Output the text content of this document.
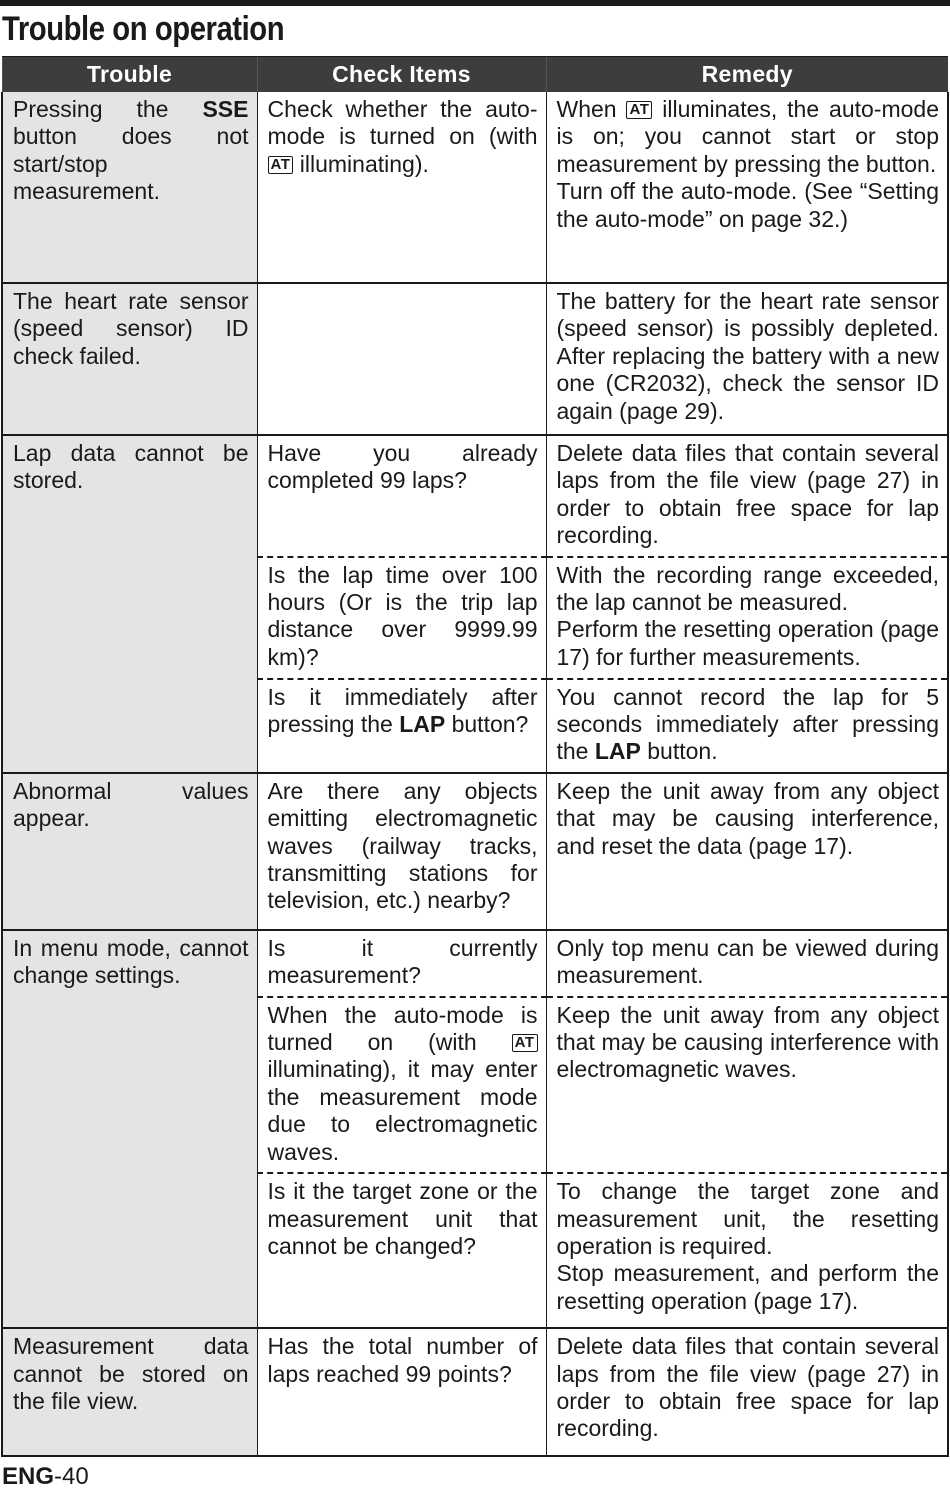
Trouble on operation
Trouble	Check Items	Remedy

Pressing the SSE button does not start/stop measurement.	Check whether the auto-mode is turned on (with AT illuminating).	When AT illuminates, the auto-mode is on; you cannot start or stop measurement by pressing the button.
Turn off the auto-mode. (See “Setting the auto-mode” on page 32.)

The heart rate sensor (speed sensor) ID check failed.		The battery for the heart rate sensor (speed sensor) is possibly depleted. After replacing the battery with a new one (CR2032), check the sensor ID again (page 29).

Lap data cannot be stored.	Have you already completed 99 laps?	Delete data files that contain several laps from the file view (page 27) in order to obtain free space for lap recording.

	Is the lap time over 100 hours (Or is the trip lap distance over 9999.99 km)?	With the recording range exceeded, the lap cannot be measured.
Perform the resetting operation (page 17) for further measurements.

	Is it immediately after pressing the LAP button?	You cannot record the lap for 5 seconds immediately after pressing the LAP button.

Abnormal values appear.	Are there any objects emitting electromagnetic waves (railway tracks, transmitting stations for television, etc.) nearby?	Keep the unit away from any object that may be causing interference, and reset the data (page 17).

In menu mode, cannot change settings.	Is it currently measurement?	Only top menu can be viewed during measurement.

	When the auto-mode is turned on (with AT illuminating), it may enter the measurement mode due to electromagnetic waves.	Keep the unit away from any object that may be causing interference with electromagnetic waves.

	Is it the target zone or the measurement unit that cannot be changed?	To change the target zone and measurement unit, the resetting operation is required.
Stop measurement, and perform the resetting operation (page 17).

Measurement data cannot be stored on the file view.	Has the total number of laps reached 99 points?	Delete data files that contain several laps from the file view (page 27) in order to obtain free space for lap recording.
ENG-40
